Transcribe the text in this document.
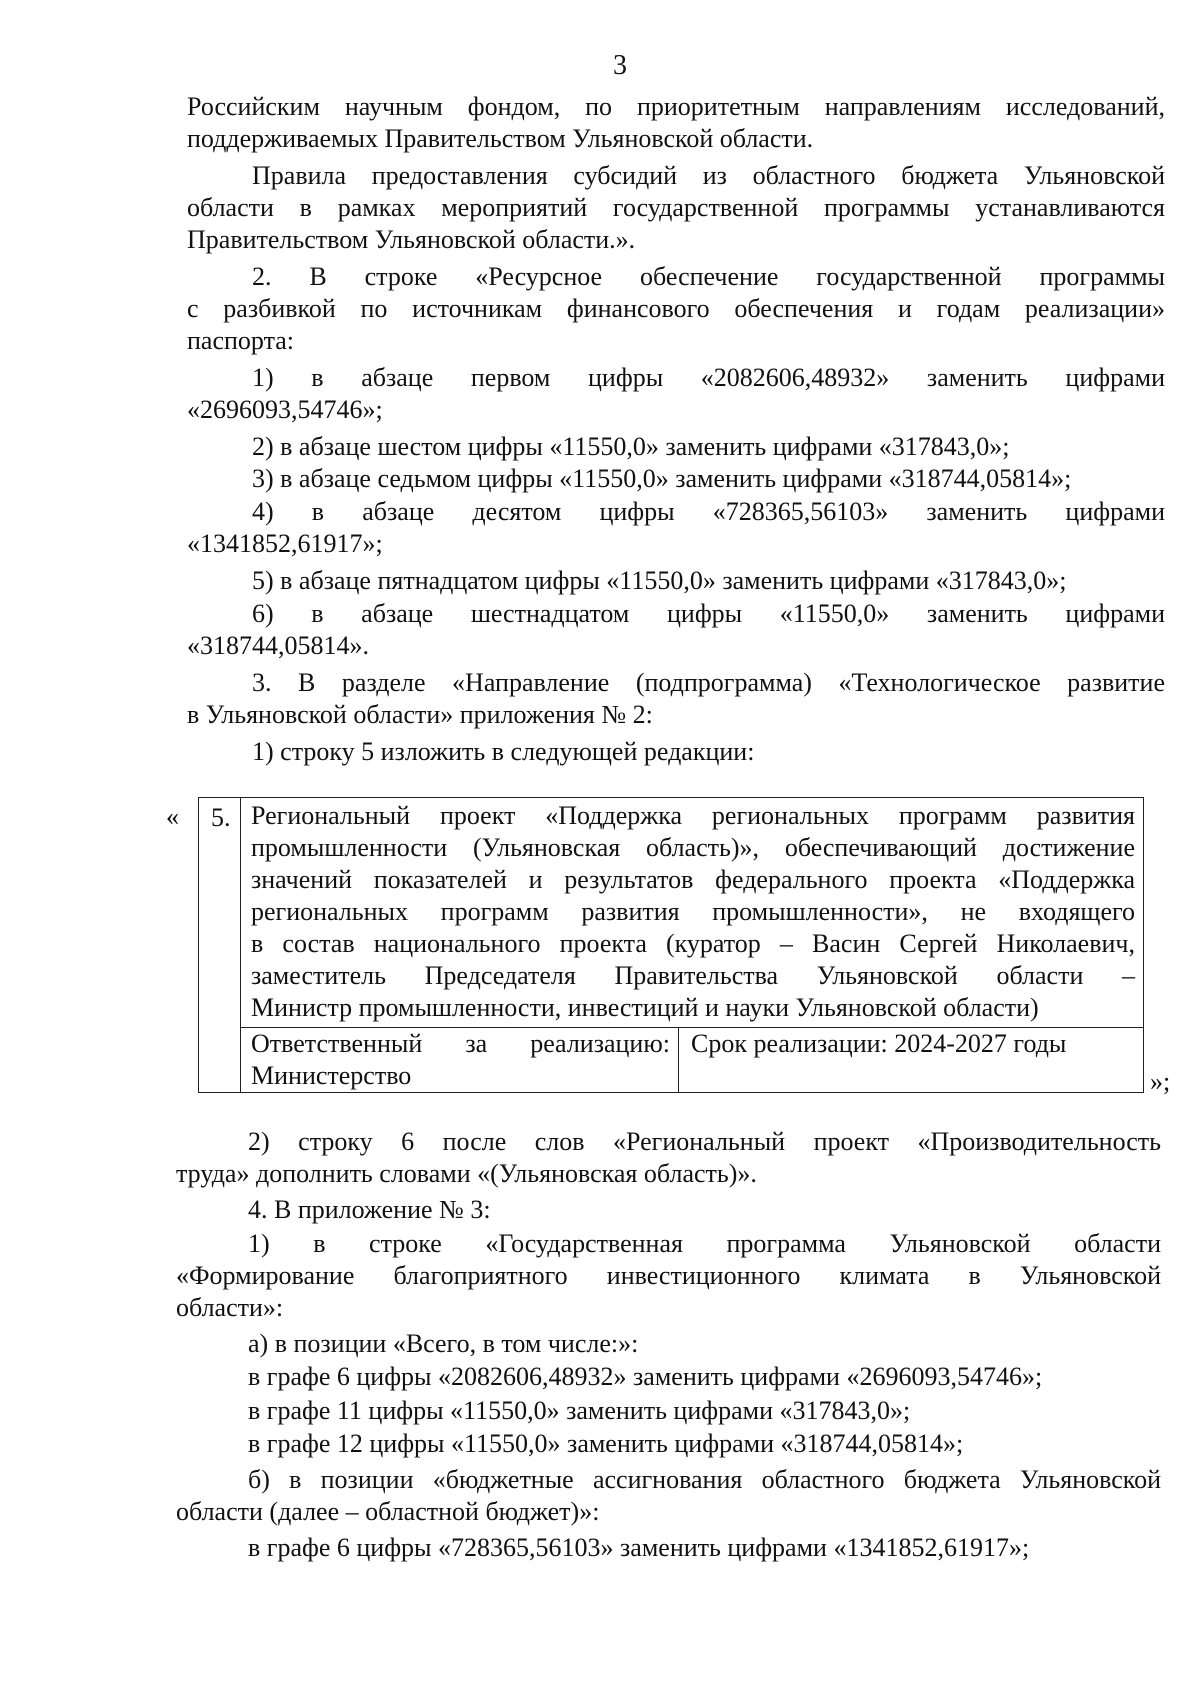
3

Российским научным фондом, по приоритетным направлениям исследований,

поддерживаемых Правительством Ульяновской области.

Правила предоставления субсидий из областного бюджета Ульяновской

области в рамках мероприятий государственной программы устанавливаются

Правительством Ульяновской области.».

2. В строке «Ресурсное обеспечение государственной программы

с разбивкой по источникам финансового обеспечения и годам реализации»

паспорта:

1) в абзаце первом цифры «2082606,48932» заменить цифрами

«2696093,54746»;

2) в абзаце шестом цифры «11550,0» заменить цифрами «317843,0»;

3) в абзаце седьмом цифры «11550,0» заменить цифрами «318744,05814»;

4) в абзаце десятом цифры «728365,56103» заменить цифрами

«1341852,61917»;

5) в абзаце пятнадцатом цифры «11550,0» заменить цифрами «317843,0»;

6) в абзаце шестнадцатом цифры «11550,0» заменить цифрами

«318744,05814».

3. В разделе «Направление (подпрограмма) «Технологическое развитие

в Ульяновской области» приложения № 2:

1) строку 5 изложить в следующей редакции:

«	5. Региональный проект «Поддержка региональных программ развития

промышленности (Ульяновская область)», обеспечивающий достижение

значений показателей и результатов федерального проекта «Поддержка

региональных программ развития промышленности», не входящего

в состав национального проекта (куратор – Васин Сергей Николаевич,

заместитель Председателя Правительства Ульяновской области –

Министр промышленности, инвестиций и науки Ульяновской области)

Ответственный за реализацию:

Министерство

Срок реализации: 2024-2027 годы

»;

2) строку 6 после слов «Региональный проект «Производительность

труда» дополнить словами «(Ульяновская область)».

4. В приложение № 3:

1) в строке «Государственная программа Ульяновской области

«Формирование благоприятного инвестиционного климата в Ульяновской

области»:

а) в позиции «Всего, в том числе:»:

в графе 6 цифры «2082606,48932» заменить цифрами «2696093,54746»;

в графе 11 цифры «11550,0» заменить цифрами «317843,0»;

в графе 12 цифры «11550,0» заменить цифрами «318744,05814»;

б) в позиции «бюджетные ассигнования областного бюджета Ульяновской

области (далее – областной бюджет)»:

в графе 6 цифры «728365,56103» заменить цифрами «1341852,61917»;
